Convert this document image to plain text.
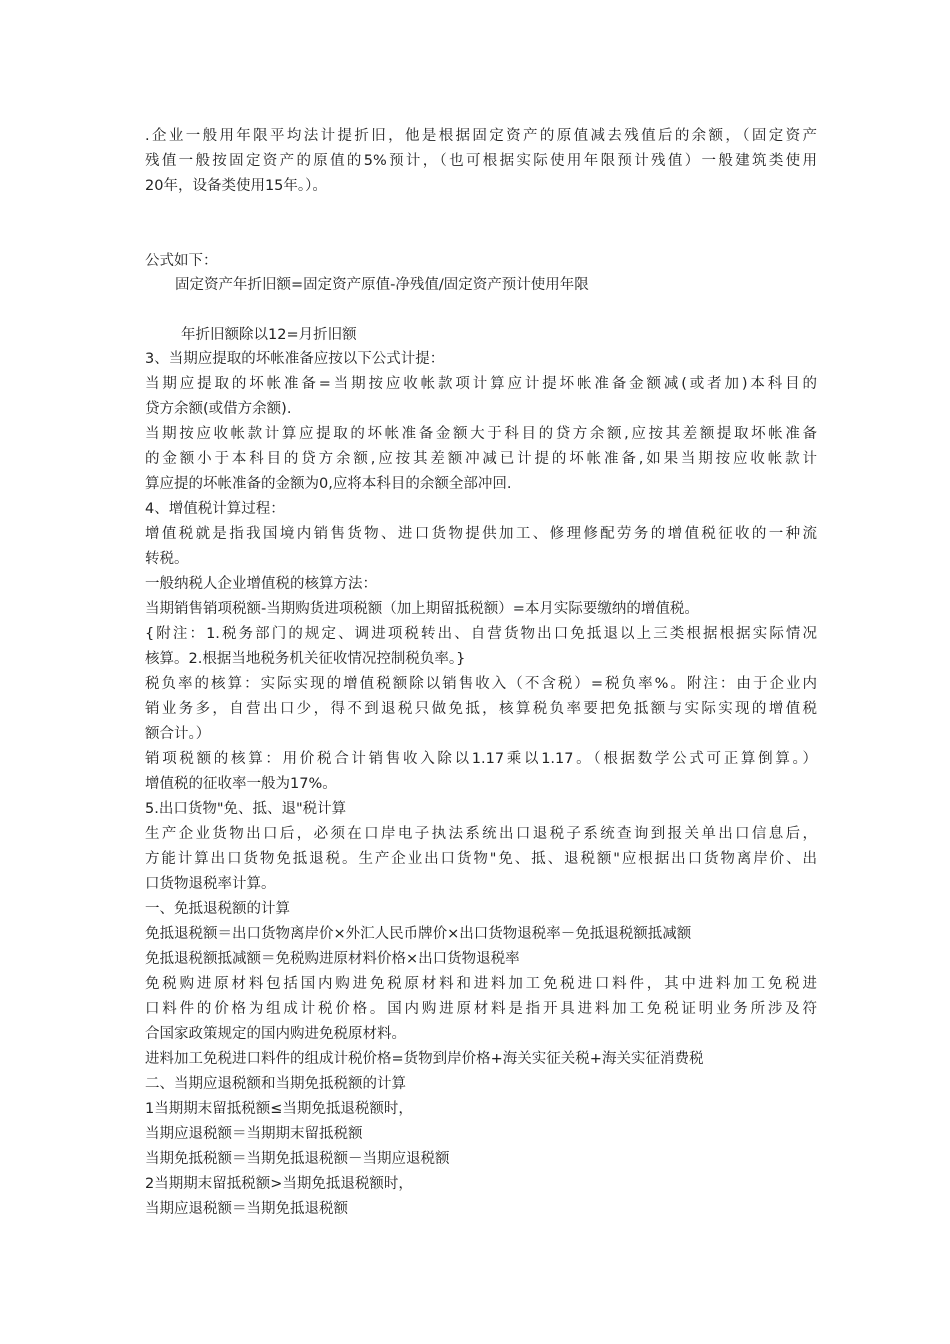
.企业一般用年限平均法计提折旧，他是根据固定资产的原值减去残值后的余额，（固定资产
残值一般按固定资产的原值的5%预计，（也可根据实际使用年限预计残值）一般建筑类使用
20年，设备类使用15年。）。
公式如下：
固定资产年折旧额=固定资产原值-净残值/固定资产预计使用年限
年折旧额除以12=月折旧额
3、当期应提取的坏帐准备应按以下公式计提：
当期应提取的坏帐准备=当期按应收帐款项计算应计提坏帐准备金额减(或者加)本科目的
贷方余额(或借方余额).
当期按应收帐款计算应提取的坏帐准备金额大于科目的贷方余额,应按其差额提取坏帐准备
的金额小于本科目的贷方余额,应按其差额冲减已计提的坏帐准备,如果当期按应收帐款计
算应提的坏帐准备的金额为0,应将本科目的余额全部冲回.
4、增值税计算过程：
增值税就是指我国境内销售货物、进口货物提供加工、修理修配劳务的增值税征收的一种流
转税。
一般纳税人企业增值税的核算方法：
当期销售销项税额-当期购货进项税额（加上期留抵税额）=本月实际要缴纳的增值税。
{附注：1.税务部门的规定、调进项税转出、自营货物出口免抵退以上三类根据根据实际情况
核算。2.根据当地税务机关征收情况控制税负率。}
税负率的核算：实际实现的增值税额除以销售收入（不含税）=税负率%。附注：由于企业内
销业务多，自营出口少，得不到退税只做免抵，核算税负率要把免抵额与实际实现的增值税
额合计。）
销项税额的核算：用价税合计销售收入除以1.17乘以1.17。（根据数学公式可正算倒算。）
增值税的征收率一般为17%。
5.出口货物"免、抵、退"税计算
生产企业货物出口后，必须在口岸电子执法系统出口退税子系统查询到报关单出口信息后，
方能计算出口货物免抵退税。生产企业出口货物"免、抵、退税额"应根据出口货物离岸价、出
口货物退税率计算。
一、免抵退税额的计算
免抵退税额＝出口货物离岸价×外汇人民币牌价×出口货物退税率－免抵退税额抵减额
免抵退税额抵减额＝免税购进原材料价格×出口货物退税率
免税购进原材料包括国内购进免税原材料和进料加工免税进口料件，其中进料加工免税进
口料件的价格为组成计税价格。国内购进原材料是指开具进料加工免税证明业务所涉及符
合国家政策规定的国内购进免税原材料。
进料加工免税进口料件的组成计税价格=货物到岸价格+海关实征关税+海关实征消费税
二、当期应退税额和当期免抵税额的计算
1当期期末留抵税额≤当期免抵退税额时，
当期应退税额＝当期期末留抵税额
当期免抵税额＝当期免抵退税额－当期应退税额
2当期期末留抵税额>当期免抵退税额时，
当期应退税额＝当期免抵退税额
